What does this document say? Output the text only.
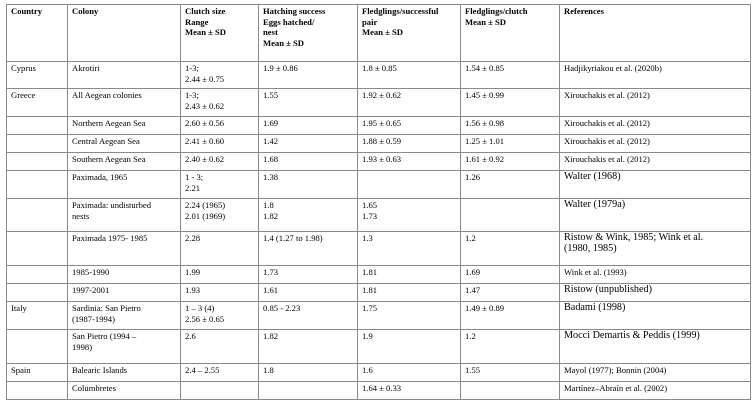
Country	Colony	Clutch size
Range
Mean ± SD	Hatching success
Eggs hatched/
nest
Mean ± SD	Fledglings/successful
pair
Mean ± SD	Fledglings/clutch
Mean ± SD	References

Cyprus	Akrotiri	1-3;
2.44 ± 0.75	1.9 ± 0.86	1.8 ± 0.85	1.54 ± 0.85	Hadjikyriakou et al. (2020b)

Greece	All Aegean colonies	1-3;
2.43 ± 0.62	1.55	1.92 ± 0.62	1.45 ± 0.99	Xirouchakis et al. (2012)

	Northern Aegean Sea	2.60 ± 0.56	1.69	1.95 ± 0.65	1.56 ± 0.98	Xirouchakis et al. (2012)

	Central Aegean Sea	2.41 ± 0.60	1.42	1.88 ± 0.59	1.25 ± 1.01	Xirouchakis et al. (2012)

	Southern Aegean Sea	2.40 ± 0.62	1.68	1.93 ± 0.63	1.61 ± 0.92	Xirouchakis et al. (2012)

	Paximada, 1965	1 - 3;
2.21	1.38		1.26	Walter (1968)

	Paximada: undisturbed
nests	2.24 (1965)
2.01 (1969)	1.8
1.82	1.65
1.73		Walter (1979a)

	Paximada 1975- 1985	2.28	1.4 (1.27 to 1.98)	1.3	1.2	Ristow & Wink, 1985; Wink et al.
(1980, 1985)

	1985-1990	1.99	1.73	1.81	1.69	Wink et al. (1993)

	1997-2001	1.93	1.61	1.81	1.47	Ristow (unpublished)

Italy	Sardinia: San Pietro
(1987-1994)	1 – 3 (4)
2.56 ± 0.65	0.85 - 2.23	1.75	1.49 ± 0.89	Badami (1998)

	San Pietro (1994 –
1998)	2.6	1.82	1.9	1.2	Mocci Demartis & Peddis (1999)

Spain	Balearic Islands	2.4 – 2.55	1.8	1.6	1.55	Mayol (1977); Bonnin (2004)

	Columbretes			1.64 ± 0.33		Martínez–Abraín et al. (2002)
